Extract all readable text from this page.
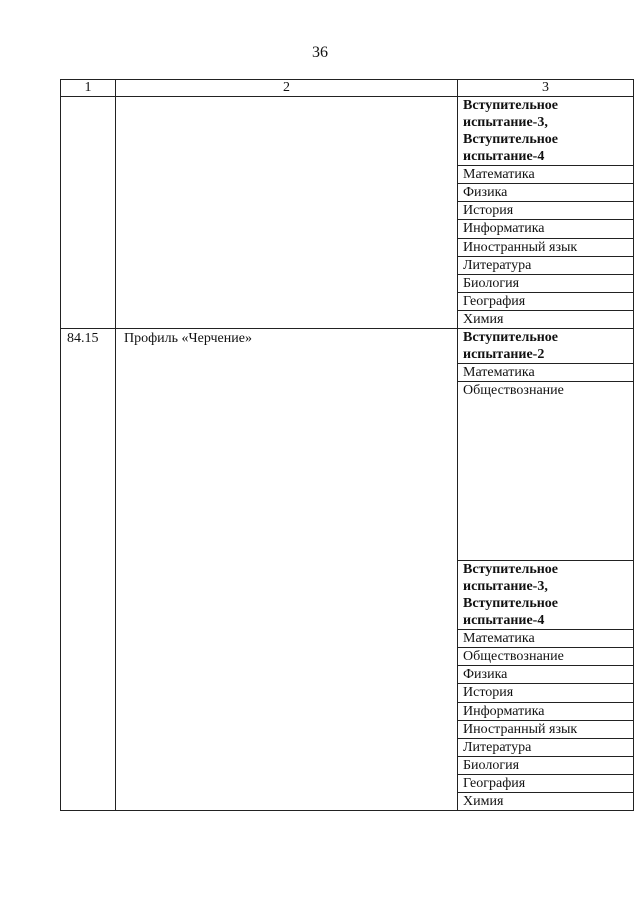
36
1	2	3
		Вступительное испытание-3, Вступительное испытание-4
		Математика
		Физика
		История
		Информатика
		Иностранный язык
		Литература
		Биология
		География
		Химия
84.15	Профиль «Черчение»	Вступительное испытание-2
		Математика
		Обществознание
		Вступительное испытание-3, Вступительное испытание-4
		Математика
		Обществознание
		Физика
		История
		Информатика
		Иностранный язык
		Литература
		Биология
		География
		Химия
